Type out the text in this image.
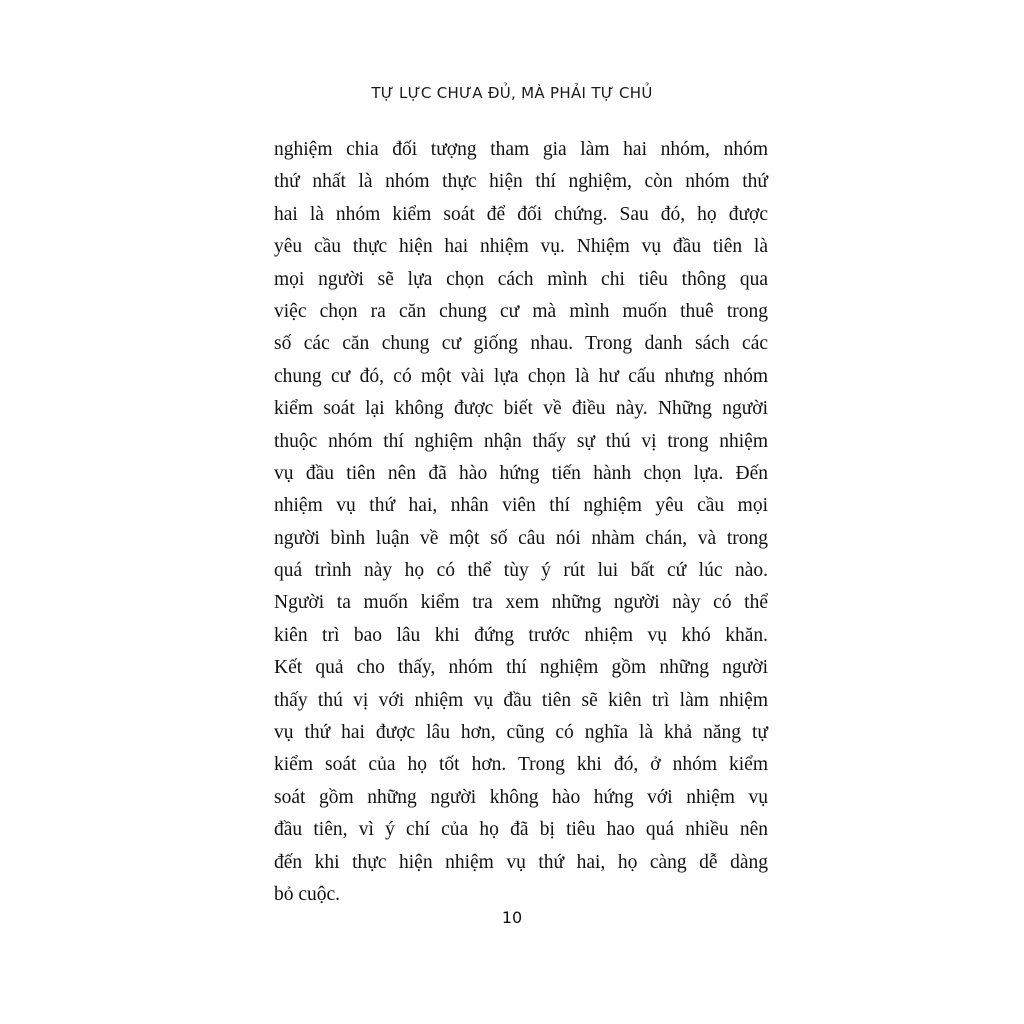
TỰ LỰC CHƯA ĐỦ, MÀ PHẢI TỰ CHỦ
nghiệm chia đối tượng tham gia làm hai nhóm, nhóm
thứ nhất là nhóm thực hiện thí nghiệm, còn nhóm thứ
hai là nhóm kiểm soát để đối chứng. Sau đó, họ được
yêu cầu thực hiện hai nhiệm vụ. Nhiệm vụ đầu tiên là
mọi người sẽ lựa chọn cách mình chi tiêu thông qua
việc chọn ra căn chung cư mà mình muốn thuê trong
số các căn chung cư giống nhau. Trong danh sách các
chung cư đó, có một vài lựa chọn là hư cấu nhưng nhóm
kiểm soát lại không được biết về điều này. Những người
thuộc nhóm thí nghiệm nhận thấy sự thú vị trong nhiệm
vụ đầu tiên nên đã hào hứng tiến hành chọn lựa. Đến
nhiệm vụ thứ hai, nhân viên thí nghiệm yêu cầu mọi
người bình luận về một số câu nói nhàm chán, và trong
quá trình này họ có thể tùy ý rút lui bất cứ lúc nào.
Người ta muốn kiểm tra xem những người này có thể
kiên trì bao lâu khi đứng trước nhiệm vụ khó khăn.
Kết quả cho thấy, nhóm thí nghiệm gồm những người
thấy thú vị với nhiệm vụ đầu tiên sẽ kiên trì làm nhiệm
vụ thứ hai được lâu hơn, cũng có nghĩa là khả năng tự
kiểm soát của họ tốt hơn. Trong khi đó, ở nhóm kiểm
soát gồm những người không hào hứng với nhiệm vụ
đầu tiên, vì ý chí của họ đã bị tiêu hao quá nhiều nên
đến khi thực hiện nhiệm vụ thứ hai, họ càng dễ dàng
bỏ cuộc.
10
